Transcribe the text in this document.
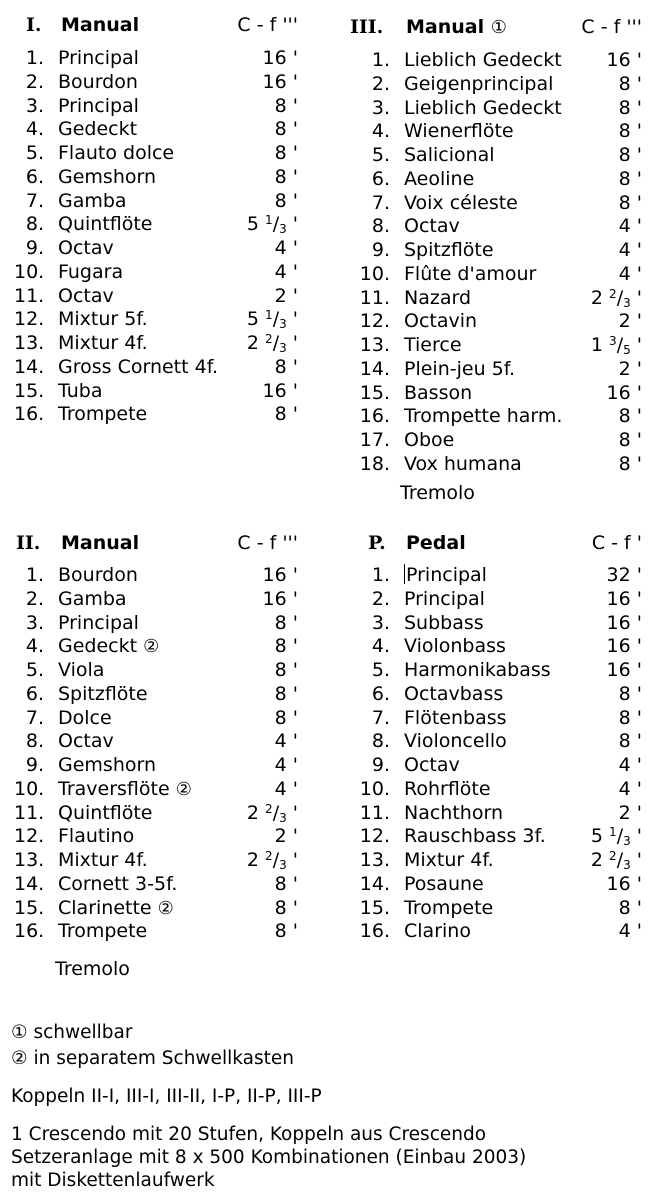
I. Manual	C - f '''
1. Principal	16 '
2. Bourdon	16 '
3. Principal	8 '
4. Gedeckt	8 '
5. Flauto dolce	8 '
6. Gemshorn	8 '
7. Gamba	8 '
8. Quintflöte	5 $^1/_3$ '
9. Octav	4 '
10. Fugara	4 '
11. Octav	2 '
12. Mixtur 5f.	5 $^1/_3$ '
13. Mixtur 4f.	2 $^2/_3$ '
14. Gross Cornett 4f.	8 '
15. Tuba	16 '
16. Trompete	8 '
III. Manual ①	C - f '''
1. Lieblich Gedeckt 16 '
2. Geigenprincipal	8 '
3. Lieblich Gedeckt	8 '
4. Wienerflöte	8 '
5. Salicional	8 '
6. Aeoline	8 '
7. Voix céleste	8 '
8. Octav	4 '
9. Spitzflöte	4 '
10. Flûte d'amour	4 '
11. Nazard	2 $^2/_3$ '
12. Octavin	2 '
13. Tierce	1 $^3/_5$ '
14. Plein-jeu 5f.	2 '
15. Basson	16 '
16. Trompette harm.	8 '
17. Oboe	8 '
18. Vox humana	8 '
Tremolo
II. Manual	C - f '''
1. Bourdon	16 '
2. Gamba	16 '
3. Principal	8 '
4. Gedeckt ②	8 '
5. Viola	8 '
6. Spitzflöte	8 '
7. Dolce	8 '
8. Octav	4 '
9. Gemshorn	4 '
10. Traversflöte ②	4 '
11. Quintflöte	2 $^2/_3$ '
12. Flautino	2 '
13. Mixtur 4f.	2 $^2/_3$ '
14. Cornett 3-5f.	8 '
15. Clarinette ②	8 '
16. Trompete	8 '
Tremolo
P. Pedal	C - f '
1. Principal	32 '
2. Principal	16 '
3. Subbass	16 '
4. Violonbass	16 '
5. Harmonikabass	16 '
6. Octavbass	8 '
7. Flötenbass	8 '
8. Violoncello	8 '
9. Octav	4 '
10. Rohrflöte	4 '
11. Nachthorn	2 '
12. Rauschbass 3f. 5 $^1/_3$ '
13. Mixtur 4f.	2 $^2/_3$ '
14. Posaune	16 '
15. Trompete	8 '
16. Clarino	4 '
① schwellbar
② in separatem Schwellkasten
Koppeln II-I, III-I, III-II, I-P, II-P, III-P
1 Crescendo mit 20 Stufen, Koppeln aus Crescendo
Setzeranlage mit 8 x 500 Kombinationen (Einbau 2003)
mit Diskettenlaufwerk
